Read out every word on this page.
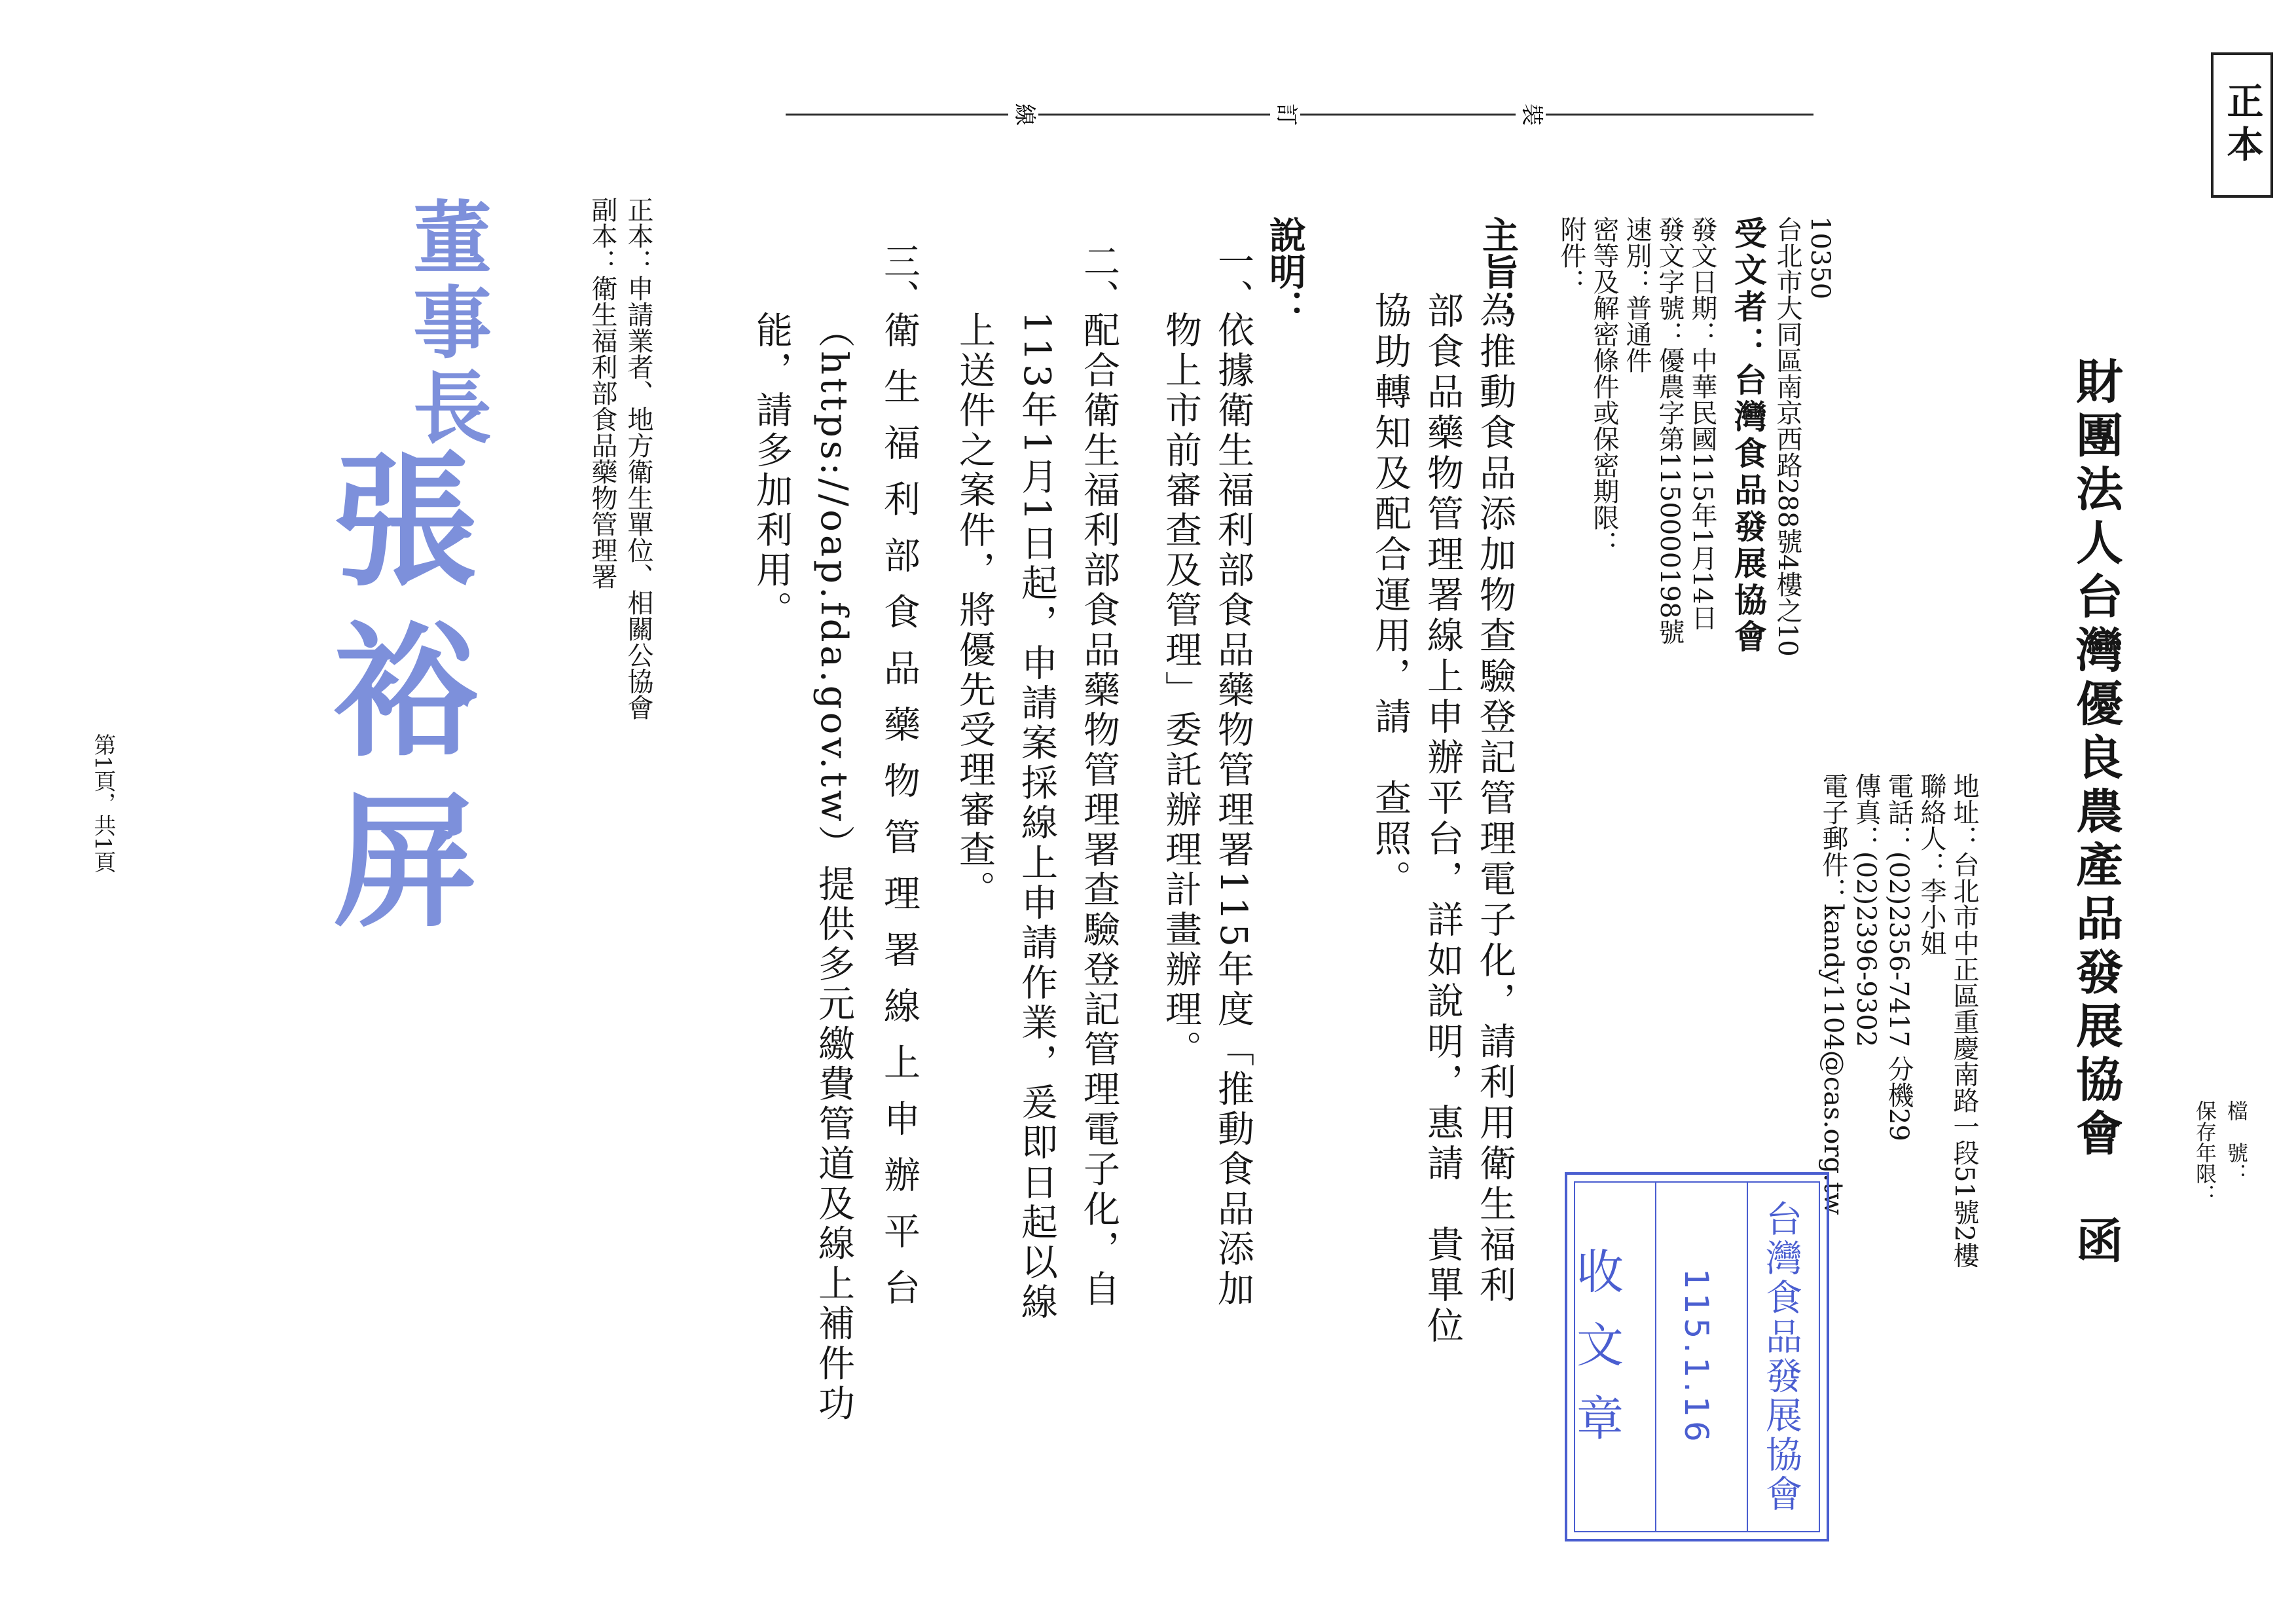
檔　號：
保存年限：
正本
裝
訂
線
財團法人台灣優良農產品發展協會　函
地址：台北市中正區重慶南路一段51號2樓
聯絡人：李小姐
電話：(02)2356-7417 分機29
傳真：(02)2396-9302
電子郵件：kandy1104@cas.org.tw
10350
台北市大同區南京西路288號4樓之10
受文者：台灣食品發展協會
發文日期：中華民國115年1月14日
發文字號：優農字第1150000198號
速別：普通件
密等及解密條件或保密期限：
附件：
主旨：
為推動食品添加物查驗登記管理電子化，請利用衛生福利
部食品藥物管理署線上申辦平台，詳如說明，惠請　貴單位
協助轉知及配合運用，請　查照。
說明：
一、
依據衛生福利部食品藥物管理署115年度「推動食品添加
物上市前審查及管理」委託辦理計畫辦理。
二、
配合衛生福利部食品藥物管理署查驗登記管理電子化，自
113年1月1日起，申請案採線上申請作業，爰即日起以線
上送件之案件，將優先受理審查。
三、
衛生福利部食品藥物管理署線上申辦平台
（https://oap.fda.gov.tw）提供多元繳費管道及線上補件功
能，請多加利用。
正本：申請業者、地方衛生單位、相關公協會
副本：衛生福利部食品藥物管理署
董事長
張裕屏
台灣食品發展協會
115.1.16
收文章
第1頁，共1頁
